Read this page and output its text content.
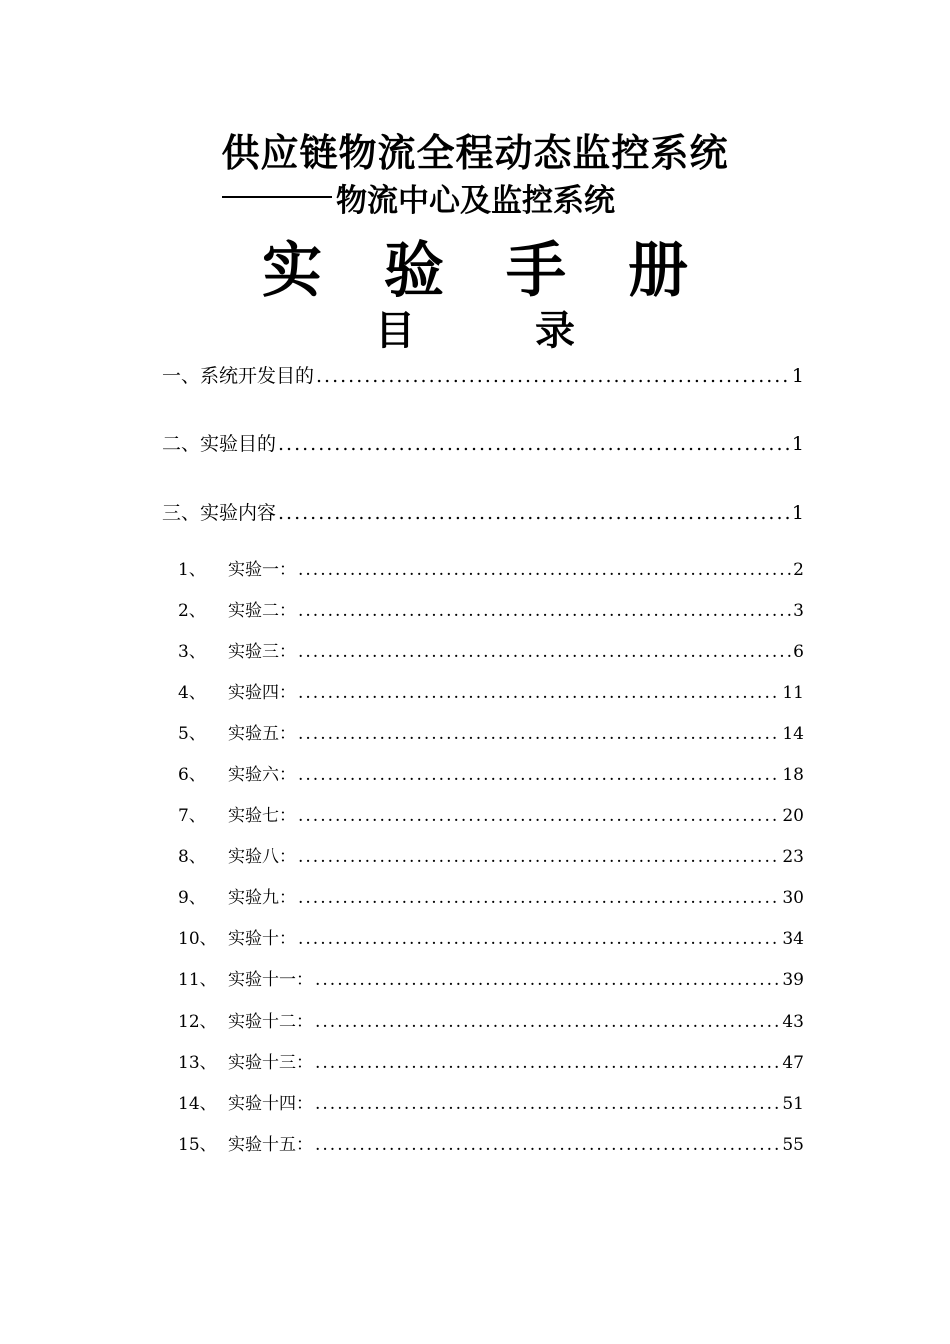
供应链物流全程动态监控系统
物流中心及监控系统
实验手册
目录
一、系统开发目的 .....	1
二、实验目的 .....	1
三、实验内容 .....	1
1、	实验一： .....	2
2、	实验二： .....	3
3、	实验三： .....	6
4、	实验四： .....	11
5、	实验五： .....	14
6、	实验六： .....	18
7、	实验七： .....	20
8、	实验八： .....	23
9、	实验九： .....	30
10、 实验十： .....	34
11、 实验十一： .....	39
12、 实验十二： .....	43
13、 实验十三： .....	47
14、 实验十四： .....	51
15、 实验十五： .....	55
